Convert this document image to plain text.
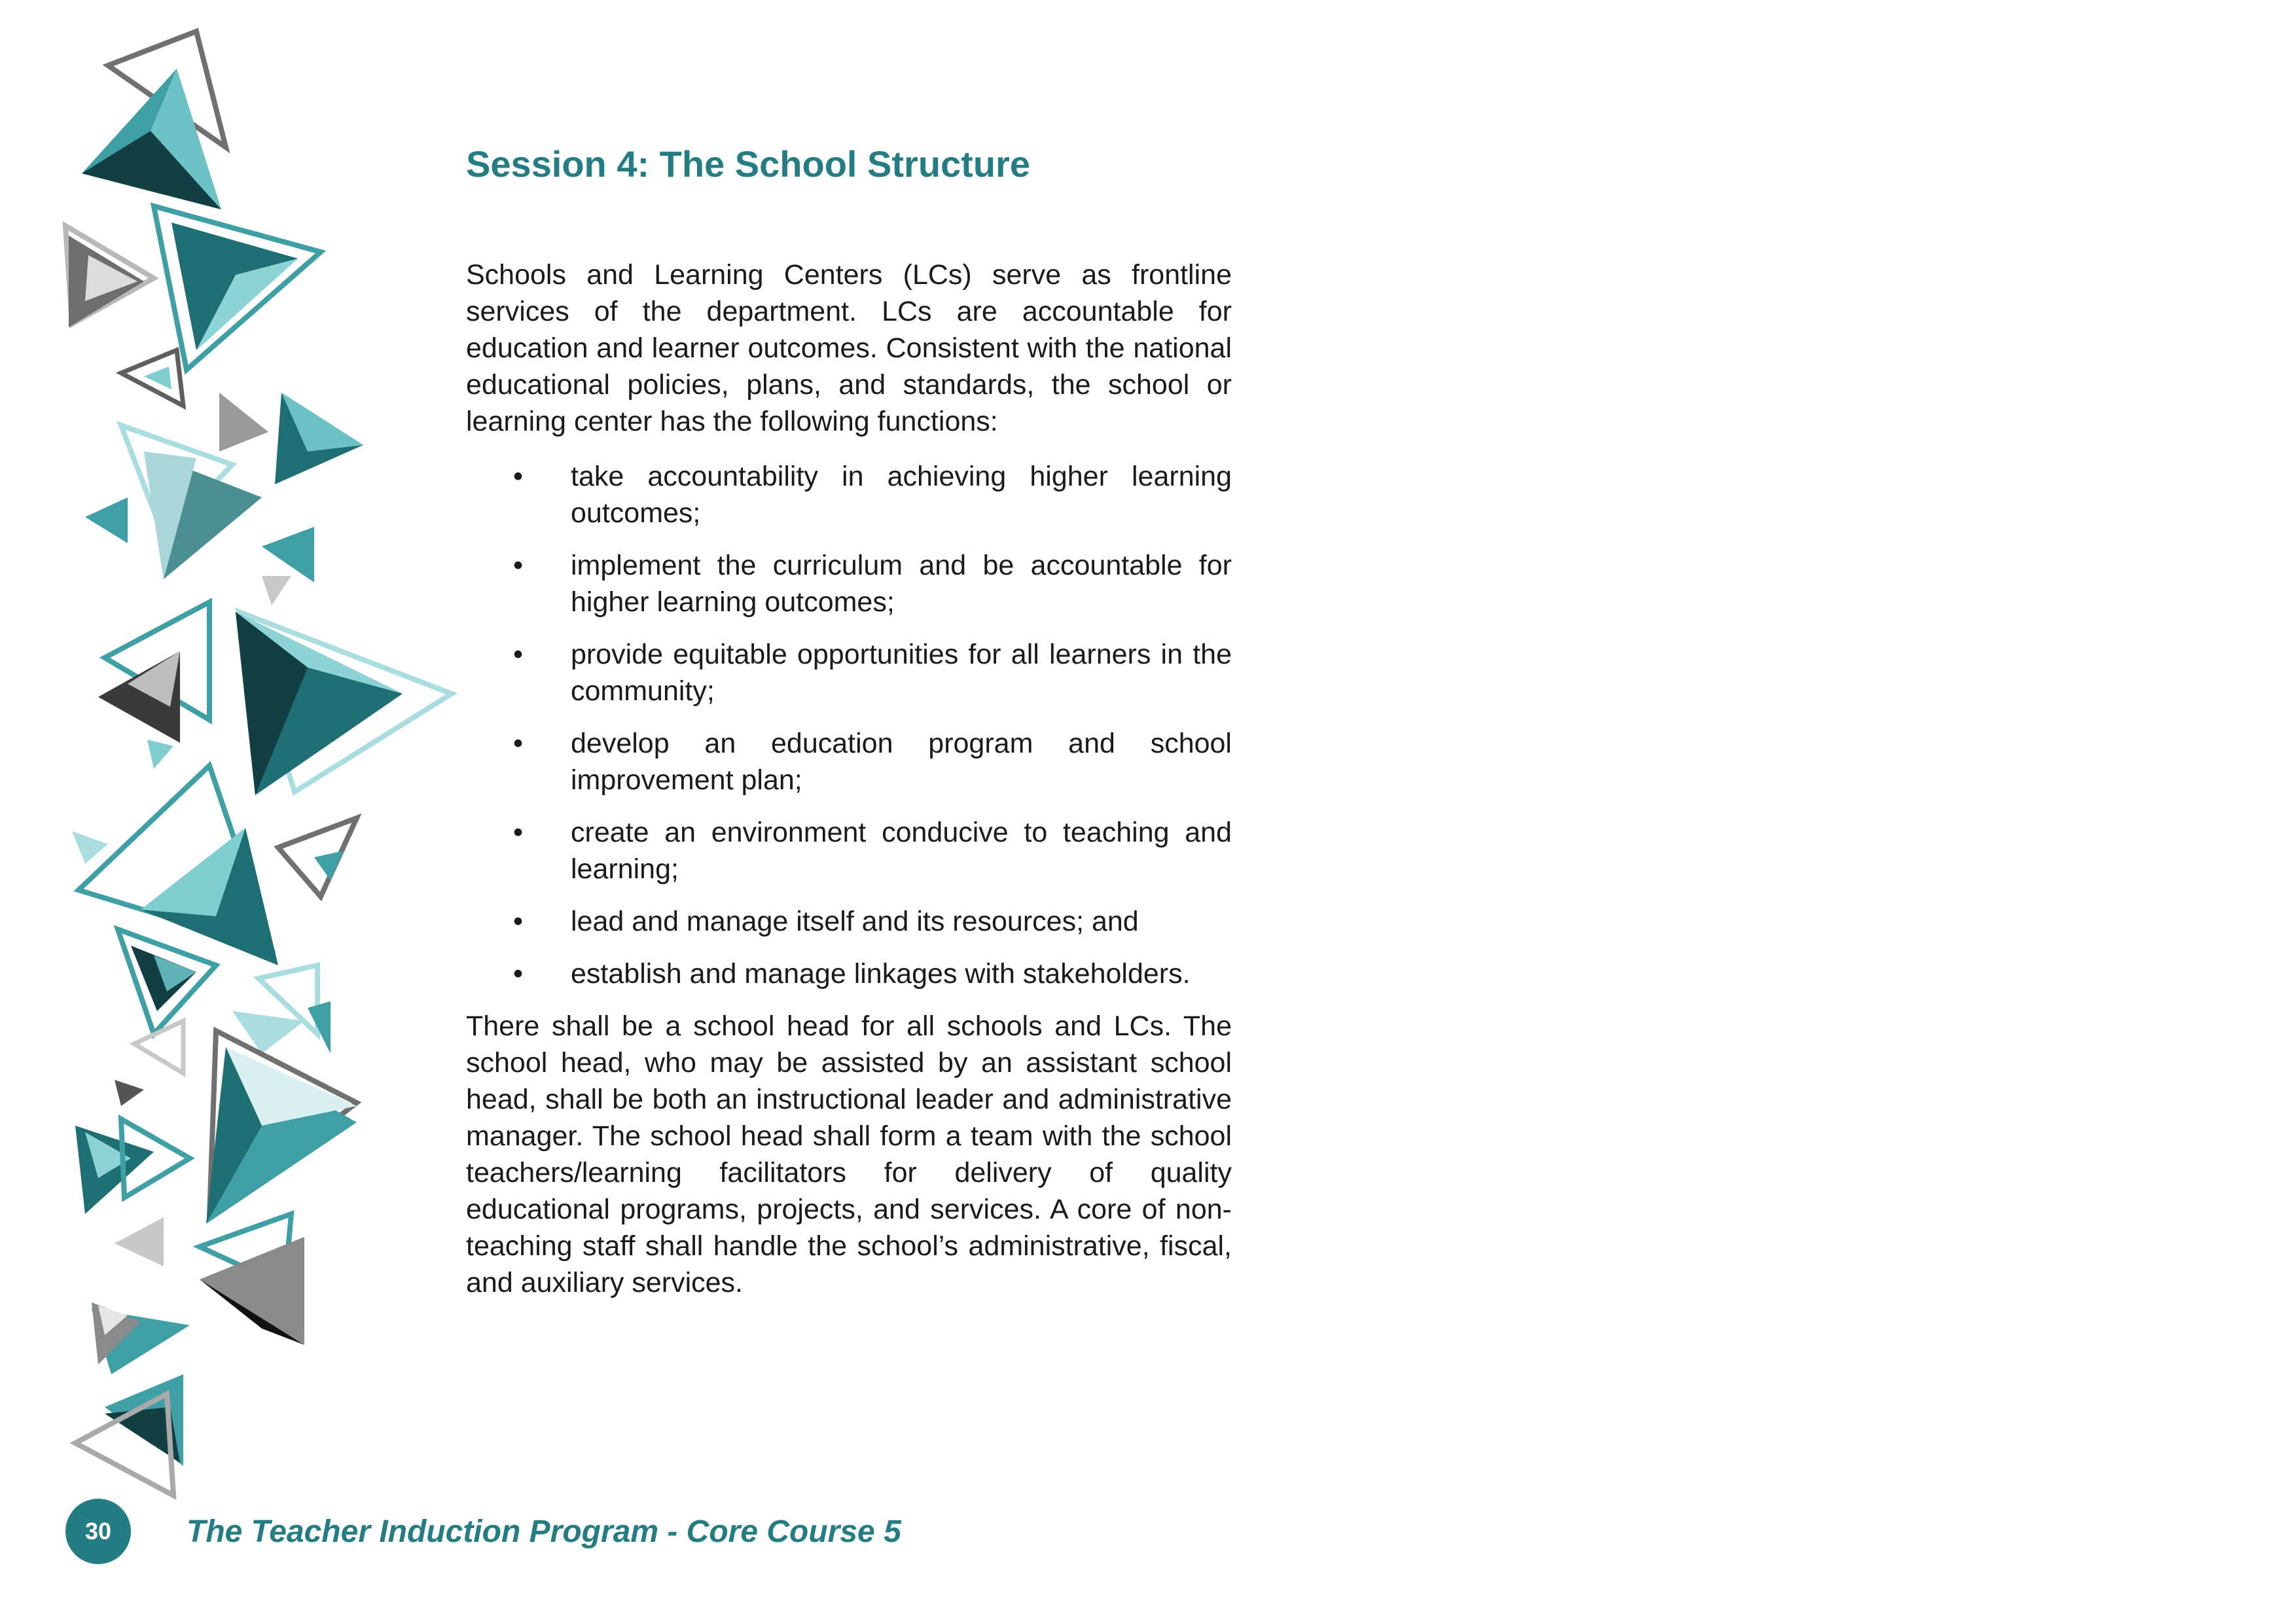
Session 4: The School Structure

Schools and Learning Centers (LCs) serve as frontline services of the department. LCs are accountable for education and learner outcomes. Consistent with the national educational policies, plans, and standards, the school or learning center has the following functions:

• take accountability in achieving higher learning outcomes;
• implement the curriculum and be accountable for higher learning outcomes;
• provide equitable opportunities for all learners in the community;
• develop an education program and school improvement plan;
• create an environment conducive to teaching and learning;
• lead and manage itself and its resources; and
• establish and manage linkages with stakeholders.

There shall be a school head for all schools and LCs. The school head, who may be assisted by an assistant school head, shall be both an instructional leader and administrative manager. The school head shall form a team with the school teachers/learning facilitators for delivery of quality educational programs, projects, and services. A core of non-teaching staff shall handle the school’s administrative, fiscal, and auxiliary services.

30	The Teacher Induction Program - Core Course 5
